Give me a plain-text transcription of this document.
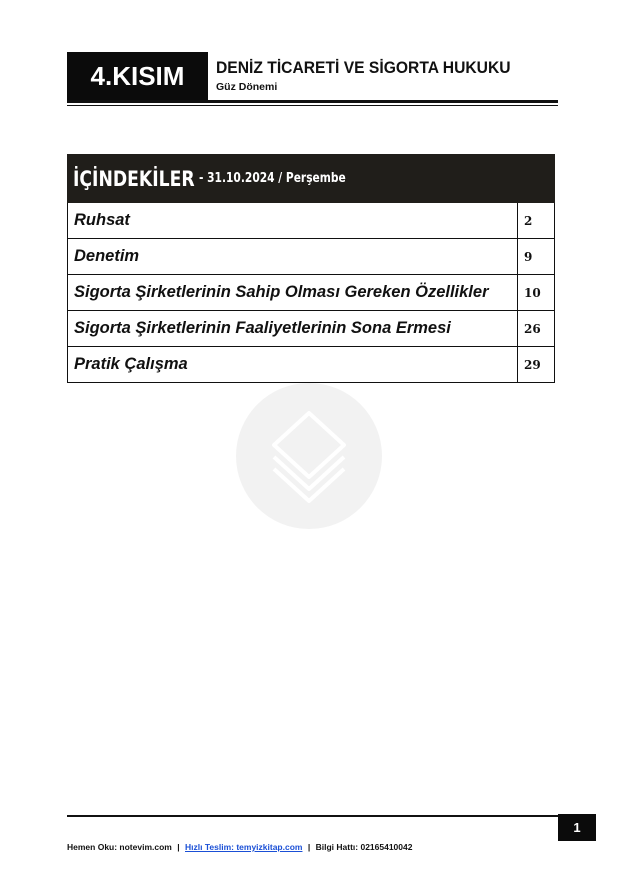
4.KISIM	DENİZ TİCARETİ VE SİGORTA HUKUKU
Güz Dönemi
İÇİNDEKİLER - 31.10.2024 / Perşembe
Ruhsat	2
Denetim	9
Sigorta Şirketlerinin Sahip Olması Gereken Özellikler	10
Sigorta Şirketlerinin Faaliyetlerinin Sona Ermesi	26
Pratik Çalışma	29
1
Hemen Oku: notevim.com | Hızlı Teslim: temyizkitap.com | Bilgi Hattı: 02165410042
